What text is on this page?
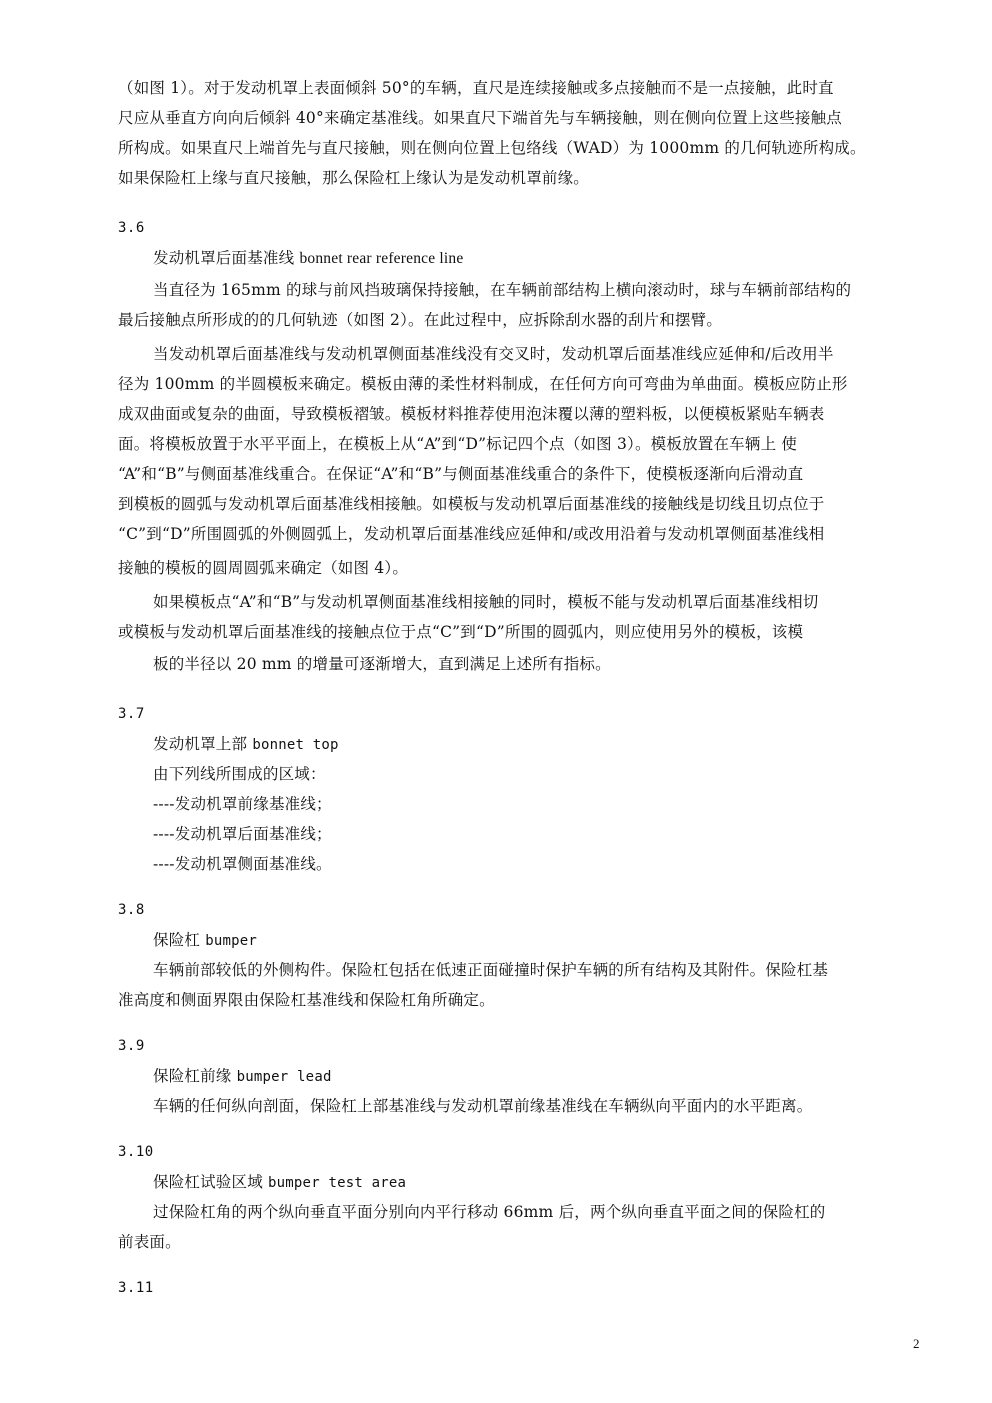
（如图 1）。对于发动机罩上表面倾斜 50°的车辆，直尺是连续接触或多点接触而不是一点接触，此时直
尺应从垂直方向向后倾斜 40°来确定基准线。如果直尺下端首先与车辆接触，则在侧向位置上这些接触点
所构成。如果直尺上端首先与直尺接触，则在侧向位置上包络线（WAD）为 1000mm 的几何轨迹所构成。
如果保险杠上缘与直尺接触，那么保险杠上缘认为是发动机罩前缘。
3.6
发动机罩后面基准线 bonnet rear reference line
当直径为 165mm 的球与前风挡玻璃保持接触，在车辆前部结构上横向滚动时，球与车辆前部结构的
最后接触点所形成的的几何轨迹（如图 2）。在此过程中，应拆除刮水器的刮片和摆臂。
当发动机罩后面基准线与发动机罩侧面基准线没有交叉时，发动机罩后面基准线应延伸和/后改用半
径为 100mm 的半圆模板来确定。模板由薄的柔性材料制成，在任何方向可弯曲为单曲面。模板应防止形
成双曲面或复杂的曲面，导致模板褶皱。模板材料推荐使用泡沫覆以薄的塑料板，以便模板紧贴车辆表
面。将模板放置于水平平面上，在模板上从“A”到“D”标记四个点（如图 3）。模板放置在车辆上 使
“A”和“B”与侧面基准线重合。在保证“A”和“B”与侧面基准线重合的条件下，使模板逐渐向后滑动直
到模板的圆弧与发动机罩后面基准线相接触。如模板与发动机罩后面基准线的接触线是切线且切点位于
“C”到“D”所围圆弧的外侧圆弧上，发动机罩后面基准线应延伸和/或改用沿着与发动机罩侧面基准线相
接触的模板的圆周圆弧来确定（如图 4）。
如果模板点“A”和“B”与发动机罩侧面基准线相接触的同时，模板不能与发动机罩后面基准线相切
或模板与发动机罩后面基准线的接触点位于点“C”到“D”所围的圆弧内，则应使用另外的模板，该模
板的半径以 20 mm 的增量可逐渐增大，直到满足上述所有指标。
3.7
发动机罩上部 bonnet top
由下列线所围成的区域：
----发动机罩前缘基准线；
----发动机罩后面基准线；
----发动机罩侧面基准线。
3.8
保险杠 bumper
车辆前部较低的外侧构件。保险杠包括在低速正面碰撞时保护车辆的所有结构及其附件。保险杠基
准高度和侧面界限由保险杠基准线和保险杠角所确定。
3.9
保险杠前缘 bumper lead
车辆的任何纵向剖面，保险杠上部基准线与发动机罩前缘基准线在车辆纵向平面内的水平距离。
3.10
保险杠试验区域 bumper test area
过保险杠角的两个纵向垂直平面分别向内平行移动 66mm 后，两个纵向垂直平面之间的保险杠的
前表面。
3.11
2
